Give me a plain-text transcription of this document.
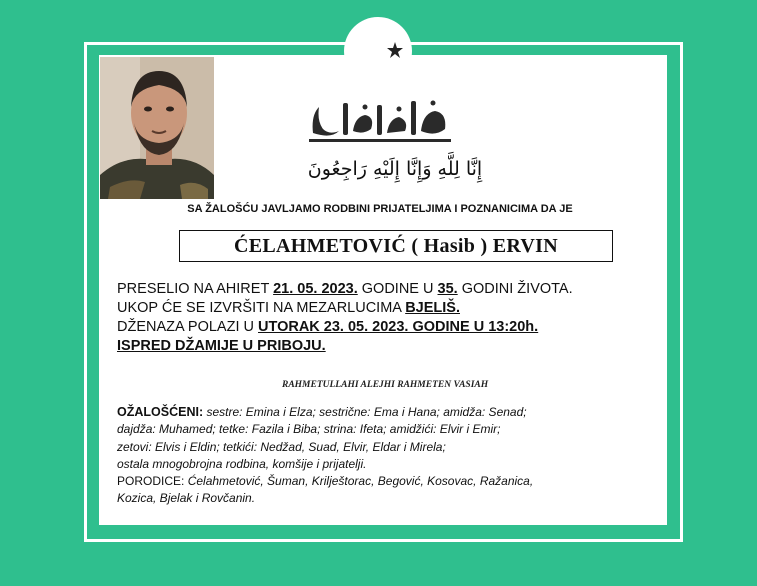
إِنَّا لِلَّهِ وَإِنَّا إِلَيْهِ رَاجِعُونَ
SA ŽALOŠĆU JAVLJAMO RODBINI PRIJATELJIMA I POZNANICIMA DA JE
ĆELAHMETOVIĆ ( Hasib ) ERVIN
PRESELIO NA AHIRET 21. 05. 2023. GODINE U 35. GODINI ŽIVOTA.
UKOP ĆE SE IZVRŠITI NA MEZARLUCIMA BJELIŠ.
DŽENAZA POLAZI U UTORAK 23. 05. 2023. GODINE U 13:20h.
ISPRED DŽAMIJE U PRIBOJU.
RAHMETULLAHI ALEJHI RAHMETEN VASIAH
OŽALOŠĆENI: sestre: Emina i Elza; sestrične: Ema i Hana; amidža: Senad;
dajdža: Muhamed; tetke: Fazila i Biba; strina: Ifeta; amidžići: Elvir i Emir;
zetovi: Elvis i Eldin; tetkići: Nedžad, Suad, Elvir, Eldar i Mirela;
ostala mnogobrojna rodbina, komšije i prijatelji.
PORODICE: Ćelahmetović, Šuman, Krilještorac, Begović, Kosovac, Ražanica,
Kozica, Bjelak i Rovčanin.
